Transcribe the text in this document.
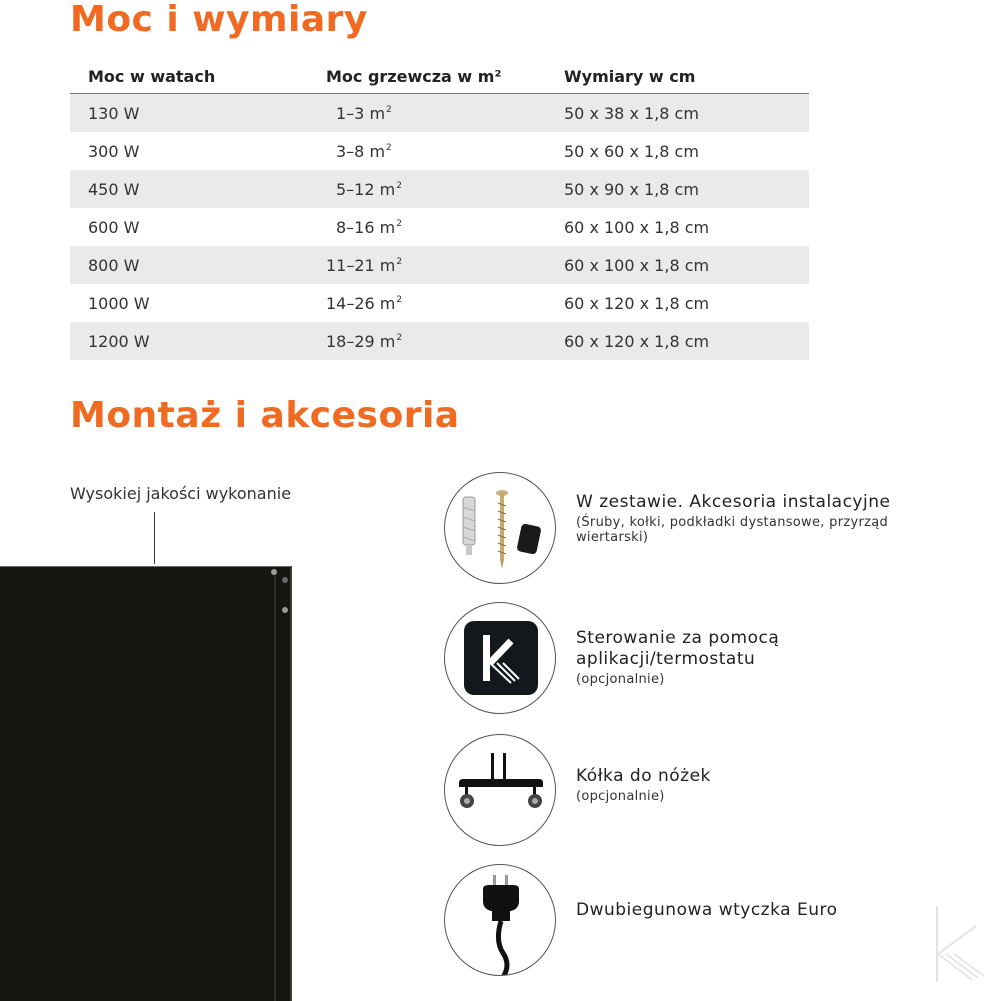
Moc i wymiary
Moc w watach	Moc grzewcza w m²	Wymiary w cm
130 W	1–3 $m^2$	50 x 38 x 1,8 cm
300 W	3–8 $m^2$	50 x 60 x 1,8 cm
450 W	5–12 $m^2$	50 x 90 x 1,8 cm
600 W	8–16 $m^2$	60 x 100 x 1,8 cm
800 W	11–21 $m^2$	60 x 100 x 1,8 cm
1000 W	14–26 $m^2$	60 x 120 x 1,8 cm
1200 W	18–29 $m^2$	60 x 120 x 1,8 cm
Montaż i akcesoria
Wysokiej jakości wykonanie	W zestawie. Akcesoria instalacyjne
(Śruby, kołki, podkładki dystansowe, przyrząd wiertarski)
Sterowanie za pomocą aplikacji/termostatu
(opcjonalnie)
Kółka do nóżek
(opcjonalnie)
Dwubiegunowa wtyczka Euro
